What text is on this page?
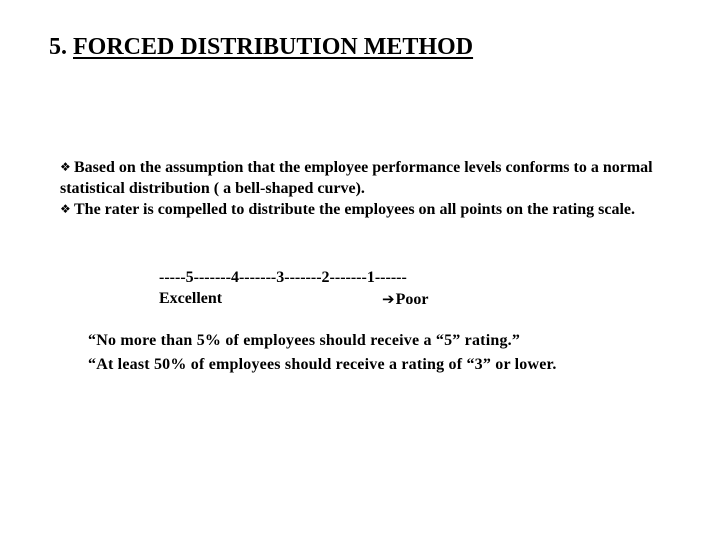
5. FORCED DISTRIBUTION METHOD
❖ Based on the assumption that the employee performance levels conforms to a normal statistical distribution ( a bell-shaped curve).
❖ The rater is compelled to distribute the employees on all points on the rating scale.
-----5-------4-------3-------2-------1------
Excellent	➔Poor
“No more than 5% of employees should receive a “5” rating.”
“At least 50% of employees should receive a rating of “3” or lower.
